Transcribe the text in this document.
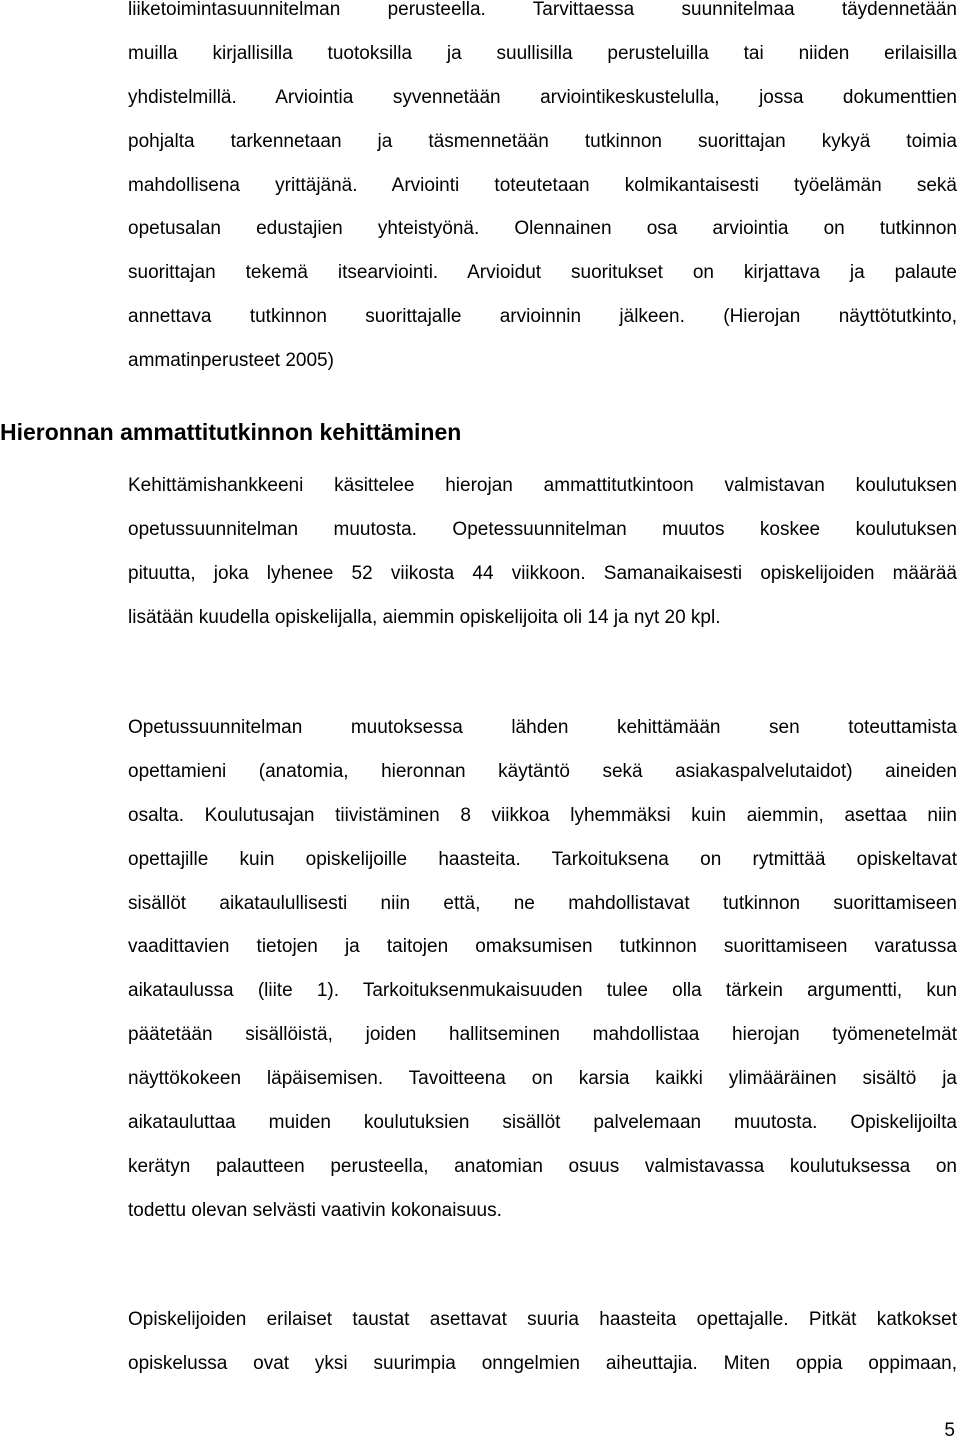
liiketoimintasuunnitelman perusteella. Tarvittaessa suunnitelmaa täydennetään
muilla kirjallisilla tuotoksilla ja suullisilla perusteluilla tai niiden erilaisilla
yhdistelmillä. Arviointia syvennetään arviointikeskustelulla, jossa dokumenttien
pohjalta tarkennetaan ja täsmennetään tutkinnon suorittajan kykyä toimia
mahdollisena yrittäjänä. Arviointi toteutetaan kolmikantaisesti työelämän sekä
opetusalan edustajien yhteistyönä. Olennainen osa arviointia on tutkinnon
suorittajan tekemä itsearviointi. Arvioidut suoritukset on kirjattava ja palaute
annettava tutkinnon suorittajalle arvioinnin jälkeen. (Hierojan näyttötutkinto,
ammatinperusteet 2005)
Hieronnan ammattitutkinnon kehittäminen
Kehittämishankkeeni käsittelee hierojan ammattitutkintoon valmistavan koulutuksen
opetussuunnitelman muutosta. Opetessuunnitelman muutos koskee koulutuksen
pituutta, joka lyhenee 52 viikosta 44 viikkoon. Samanaikaisesti opiskelijoiden määrää
lisätään kuudella opiskelijalla, aiemmin opiskelijoita oli 14 ja nyt 20 kpl.
Opetussuunnitelman muutoksessa lähden kehittämään sen toteuttamista
opettamieni (anatomia, hieronnan käytäntö sekä asiakaspalvelutaidot) aineiden
osalta. Koulutusajan tiivistäminen 8 viikkoa lyhemmäksi kuin aiemmin, asettaa niin
opettajille kuin opiskelijoille haasteita. Tarkoituksena on rytmittää opiskeltavat
sisällöt aikataulullisesti niin että, ne mahdollistavat tutkinnon suorittamiseen
vaadittavien tietojen ja taitojen omaksumisen tutkinnon suorittamiseen varatussa
aikataulussa (liite 1). Tarkoituksenmukaisuuden tulee olla tärkein argumentti, kun
päätetään sisällöistä, joiden hallitseminen mahdollistaa hierojan työmenetelmät
näyttökokeen läpäisemisen. Tavoitteena on karsia kaikki ylimääräinen sisältö ja
aikatauluttaa muiden koulutuksien sisällöt palvelemaan muutosta. Opiskelijoilta
kerätyn palautteen perusteella, anatomian osuus valmistavassa koulutuksessa on
todettu olevan selvästi vaativin kokonaisuus.
Opiskelijoiden erilaiset taustat asettavat suuria haasteita opettajalle. Pitkät katkokset
opiskelussa ovat yksi suurimpia onngelmien aiheuttajia. Miten oppia oppimaan,
5
